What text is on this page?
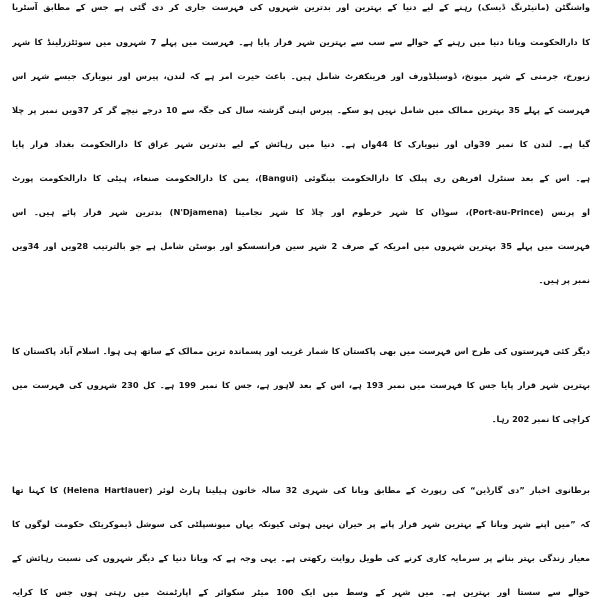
واشنگٹن (مانیٹرنگ ڈیسک) رہنے کے لیے دنیا کے بہترین اور بدترین شہروں کی فہرست جاری کر دی گئی ہے جس کے مطابق آسٹریا
کا دارالحکومت ویانا دنیا میں رہنے کے حوالے سے سب سے بہترین شہر قرار پایا ہے۔ فہرست میں پہلے 7 شہروں میں سوئٹزرلینڈ کا شہر
زیورخ، جرمنی کے شہر میونخ، ڈوسیلڈورف اور فرینکفرٹ شامل ہیں۔ باعث حیرت امر ہے کہ لندن، پیرس اور نیویارک جیسے شہر اس
فہرست کے پہلے 35 بہترین ممالک میں شامل نہیں ہو سکے۔ پیرس اپنی گزشتہ سال کی جگہ سے 10 درجے نیچے گر کر 37ویں نمبر پر چلا
گیا ہے۔ لندن کا نمبر 39واں اور نیویارک کا 44واں ہے۔ دنیا میں رہائش کے لیے بدترین شہر عراق کا دارالحکومت بغداد قرار پایا
ہے۔ اس کے بعد سنٹرل افریقن ری پبلک کا دارالحکومت بینگوئی (Bangui)، یمن کا دارالحکومت صنعاء، ہیٹی کا دارالحکومت پورٹ
او پرنس (Port-au-Prince)، سوڈان کا شہر خرطوم اور چاڈ کا شہر نجامینا (N'Djamena) بدترین شہر قرار پائے ہیں۔ اس
فہرست میں پہلے 35 بہترین شہروں میں امریکہ کے صرف 2 شہر سین فرانسسکو اور بوسٹن شامل ہے جو بالترتیب 28ویں اور 34ویں
نمبر پر ہیں۔
دیگر کئی فہرستوں کی طرح اس فہرست میں بھی پاکستان کا شمار غریب اور پسماندہ ترین ممالک کے ساتھ ہی ہوا۔ اسلام آباد پاکستان کا
بہترین شہر قرار پایا جس کا فہرست میں نمبر 193 ہے، اس کے بعد لاہور ہے، جس کا نمبر 199 ہے۔ کل 230 شہروں کی فہرست میں
کراچی کا نمبر 202 رہا۔
برطانوی اخبار ”دی گارڈین“ کی رپورٹ کے مطابق ویانا کی شہری 32 سالہ خاتون ہیلینا ہارٹ لوئر (Helena Hartlauer) کا کہنا تھا
کہ ”میں اپنے شہر ویانا کے بہترین شہر قرار پانے پر حیران نہیں ہوئی کیونکہ یہاں میونسپلٹی کی سوشل ڈیموکریٹک حکومت لوگوں کا
معیار زندگی بہتر بنانے پر سرمایہ کاری کرنے کی طویل روایت رکھتی ہے۔ یہی وجہ ہے کہ ویانا دنیا کے دیگر شہروں کی نسبت رہائش کے
حوالے سے سستا اور بہترین ہے۔ میں شہر کے وسط میں ایک 100 میٹر سکوائر کے اپارٹمنٹ میں رہتی ہوں جس کا کرایہ
